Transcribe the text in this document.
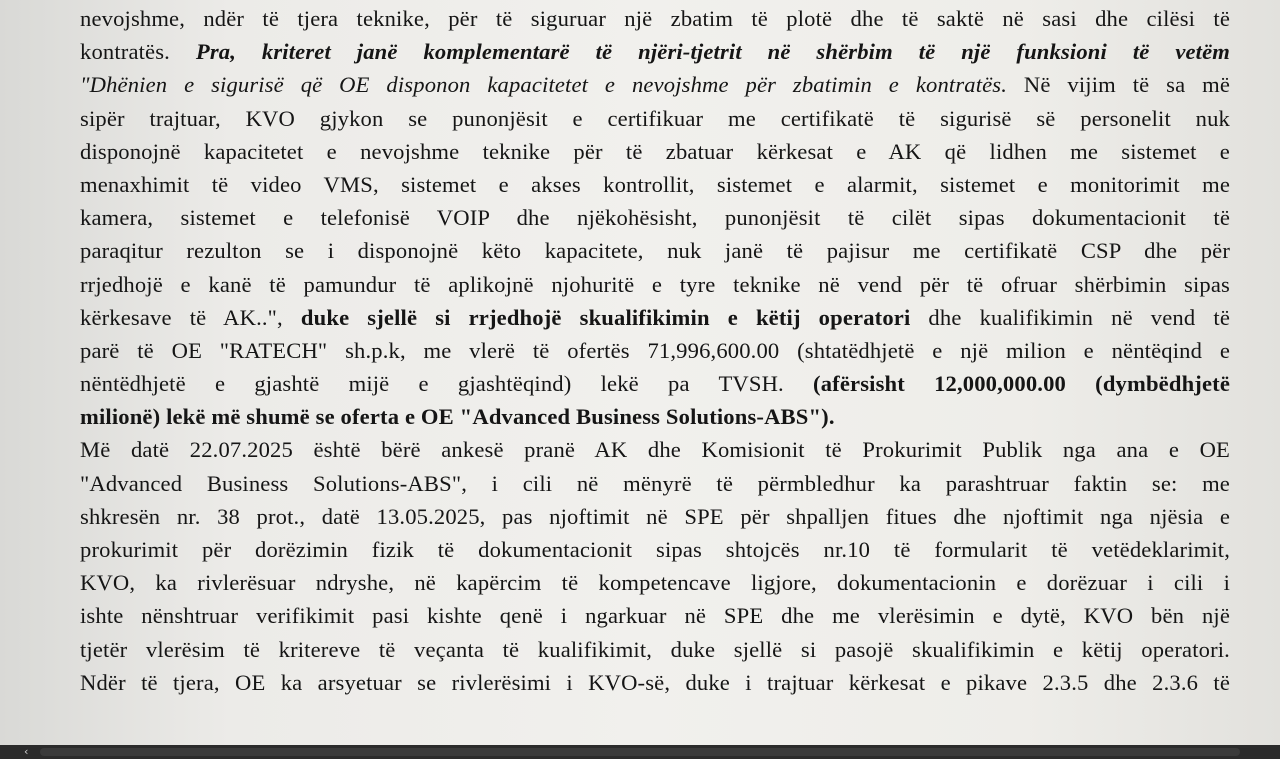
nevojshme, ndër të tjera teknike, për të siguruar një zbatim të plotë dhe të saktë në sasi dhe cilësi të
kontratës. Pra, kriteret janë komplementarë të njëri-tjetrit në shërbim të një funksioni të vetëm
"Dhënien e sigurisë që OE disponon kapacitetet e nevojshme për zbatimin e kontratës. Në vijim të sa më
sipër trajtuar, KVO gjykon se punonjësit e certifikuar me certifikatë të sigurisë së personelit nuk
disponojnë kapacitetet e nevojshme teknike për të zbatuar kërkesat e AK që lidhen me sistemet e
menaxhimit të video VMS, sistemet e akses kontrollit, sistemet e alarmit, sistemet e monitorimit me
kamera, sistemet e telefonisë VOIP dhe njëkohësisht, punonjësit të cilët sipas dokumentacionit të
paraqitur rezulton se i disponojnë këto kapacitete, nuk janë të pajisur me certifikatë CSP dhe për
rrjedhojë e kanë të pamundur të aplikojnë njohuritë e tyre teknike në vend për të ofruar shërbimin sipas
kërkesave të AK..", duke sjellë si rrjedhojë skualifikimin e këtij operatori dhe kualifikimin në vend të
parë të OE "RATECH" sh.p.k, me vlerë të ofertës 71,996,600.00 (shtatëdhjetë e një milion e nëntëqind e
nëntëdhjetë e gjashtë mijë e gjashtëqind) lekë pa TVSH. (afërsisht 12,000,000.00 (dymbëdhjetë
milionë) lekë më shumë se oferta e OE "Advanced Business Solutions-ABS").
Më datë 22.07.2025 është bërë ankesë pranë AK dhe Komisionit të Prokurimit Publik nga ana e OE
"Advanced Business Solutions-ABS", i cili në mënyrë të përmbledhur ka parashtruar faktin se: me
shkresën nr. 38 prot., datë 13.05.2025, pas njoftimit në SPE për shpalljen fitues dhe njoftimit nga njësia e
prokurimit për dorëzimin fizik të dokumentacionit sipas shtojcës nr.10 të formularit të vetëdeklarimit,
KVO, ka rivlerësuar ndryshe, në kapërcim të kompetencave ligjore, dokumentacionin e dorëzuar i cili i
ishte nënshtruar verifikimit pasi kishte qenë i ngarkuar në SPE dhe me vlerësimin e dytë, KVO bën një
tjetër vlerësim të kritereve të veçanta të kualifikimit, duke sjellë si pasojë skualifikimin e këtij operatori.
Ndër të tjera, OE ka arsyetuar se rivlerësimi i KVO-së, duke i trajtuar kërkesat e pikave 2.3.5 dhe 2.3.6 të
‹
